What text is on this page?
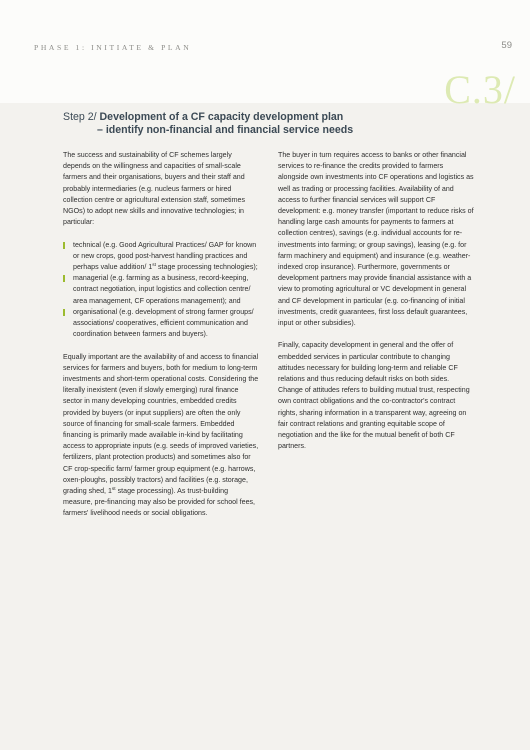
PHASE 1: INITIATE & PLAN	59
C.3/
Step 2/ Development of a CF capacity development plan
– identify non-financial and financial service needs

The success and sustainability of CF schemes largely depends on the willingness and capacities of small-scale farmers and their organisations, buyers and their staff and probably intermediaries (e.g. nucleus farmers or hired collection centre or agricultural extension staff, sometimes NGOs) to adopt new skills and innovative technologies; in particular:

technical (e.g. Good Agricultural Practices/ GAP for known or new crops, good post-harvest handling practices and perhaps value addition/ 1st stage processing technologies);
managerial (e.g. farming as a business, record-keeping, contract negotiation, input logistics and collection centre/ area management, CF operations management); and
organisational (e.g. development of strong farmer groups/ associations/ cooperatives, efficient communication and coordination between farmers and buyers).

Equally important are the availability of and access to financial services for farmers and buyers, both for medium to long-term investments and short-term operational costs. Considering the literally inexistent (even if slowly emerging) rural finance sector in many developing countries, embedded credits provided by buyers (or input suppliers) are often the only source of financing for small-scale farmers. Embedded financing is primarily made available in-kind by facilitating access to appropriate inputs (e.g. seeds of improved varieties, fertilizers, plant protection products) and sometimes also for CF crop-specific farm/ farmer group equipment (e.g. harrows, oxen-ploughs, possibly tractors) and facilities (e.g. storage, grading shed, 1st stage processing). As trust-building measure, pre-financing may also be provided for school fees, farmers' livelihood needs or social obligations.

The buyer in turn requires access to banks or other financial services to re-finance the credits provided to farmers alongside own investments into CF operations and logistics as well as trading or processing facilities. Availability of and access to further financial services will support CF development: e.g. money transfer (important to reduce risks of handling large cash amounts for payments to farmers at collection centres), savings (e.g. individual accounts for re-investments into farming; or group savings), leasing (e.g. for farm machinery and equipment) and insurance (e.g. weather-indexed crop insurance). Furthermore, governments or development partners may provide financial assistance with a view to promoting agricultural or VC development in general and CF development in particular (e.g. co-financing of initial investments, credit guarantees, first loss default guarantees, input or other subsidies).

Finally, capacity development in general and the offer of embedded services in particular contribute to changing attitudes necessary for building long-term and reliable CF relations and thus reducing default risks on both sides. Change of attitudes refers to building mutual trust, respecting own contract obligations and the co-contractor's contract rights, sharing information in a transparent way, agreeing on fair contract relations and granting equitable scope of negotiation and the like for the mutual benefit of both CF partners.
